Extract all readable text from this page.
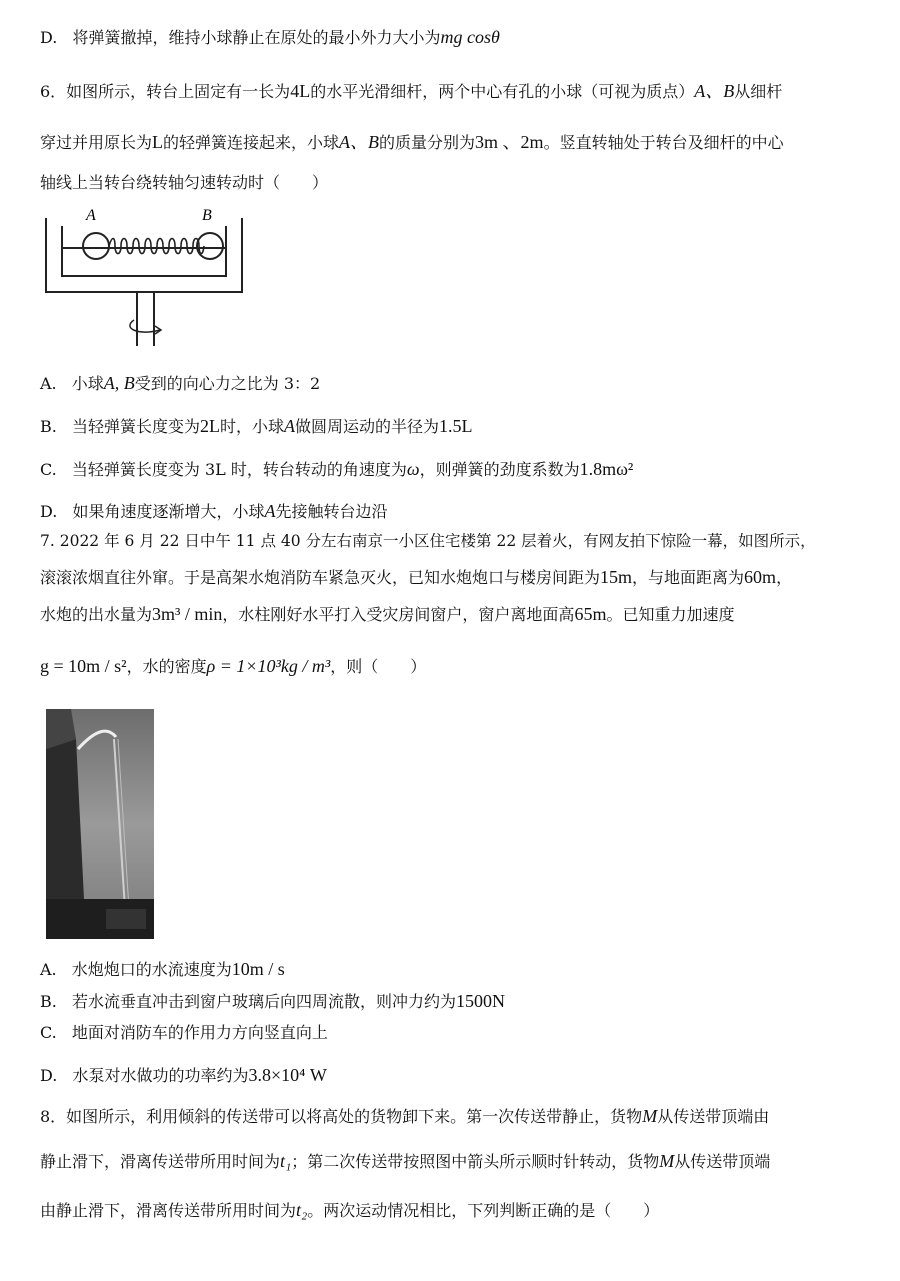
D. 将弹簧撤掉，维持小球静止在原处的最小外力大小为mg cosθ
6．如图所示，转台上固定有一长为4L的水平光滑细杆，两个中心有孔的小球（可视为质点）A、B从细杆
穿过并用原长为L的轻弹簧连接起来，小球A、B的质量分别为3m 、2m。竖直转轴处于转台及细杆的中心
轴线上当转台绕转轴匀速转动时（　　）
A	B
A. 小球A, B受到的向心力之比为 3：2
B. 当轻弹簧长度变为2L时，小球A做圆周运动的半径为1.5L
C. 当轻弹簧长度变为 3L 时，转台转动的角速度为ω，则弹簧的劲度系数为1.8mω²
D. 如果角速度逐渐增大，小球A先接触转台边沿
7. 2022 年 6 月 22 日中午 11 点 40 分左右南京一小区住宅楼第 22 层着火，有网友拍下惊险一幕，如图所示，
滚滚浓烟直往外窜。于是高架水炮消防车紧急灭火，已知水炮炮口与楼房间距为15m，与地面距离为60m，
水炮的出水量为3m³ / min，水柱刚好水平打入受灾房间窗户，窗户离地面高65m。已知重力加速度
g = 10m / s²，水的密度ρ = 1×10³kg / m³，则（　　）
A. 水炮炮口的水流速度为10m / s
B. 若水流垂直冲击到窗户玻璃后向四周流散，则冲力约为1500N
C. 地面对消防车的作用力方向竖直向上
D. 水泵对水做功的功率约为3.8×10⁴ W
8．如图所示，利用倾斜的传送带可以将高处的货物卸下来。第一次传送带静止，货物M从传送带顶端由
静止滑下，滑离传送带所用时间为t₁；第二次传送带按照图中箭头所示顺时针转动，货物M从传送带顶端
由静止滑下，滑离传送带所用时间为t₂。两次运动情况相比，下列判断正确的是（　　）
